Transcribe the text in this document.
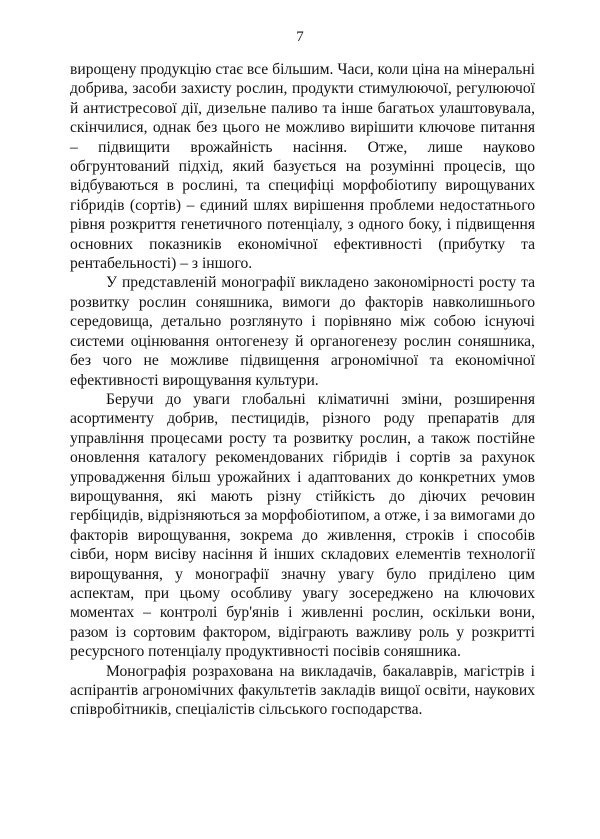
7

вирощену продукцію стає все більшим. Часи, коли ціна на мінеральні добрива, засоби захисту рослин, продукти стимулюючої, регулюючої й антистресової дії, дизельне паливо та інше багатьох улаштовувала, скінчилися, однак без цього не можливо вирішити ключове питання – підвищити врожайність насіння. Отже, лише науково обгрунтований підхід, який базується на розумінні процесів, що відбуваються в рослині, та специфіці морфобіотипу вирощуваних гібридів (сортів) – єдиний шлях вирішення проблеми недостатнього рівня розкриття генетичного потенціалу, з одного боку, і підвищення основних показників економічної ефективності (прибутку та рентабельності) – з іншого.

У представленій монографії викладено закономірності росту та розвитку рослин соняшника, вимоги до факторів навколишнього середовища, детально розглянуто і порівняно між собою існуючі системи оцінювання онтогенезу й органогенезу рослин соняшника, без чого не можливе підвищення агрономічної та економічної ефективності вирощування культури.

Беручи до уваги глобальні кліматичні зміни, розширення асортименту добрив, пестицидів, різного роду препаратів для управління процесами росту та розвитку рослин, а також постійне оновлення каталогу рекомендованих гібридів і сортів за рахунок упровадження більш урожайних і адаптованих до конкретних умов вирощування, які мають різну стійкість до діючих речовин гербіцидів, відрізняються за морфобіотипом, а отже, і за вимогами до факторів вирощування, зокрема до живлення, строків і способів сівби, норм висіву насіння й інших складових елементів технології вирощування, у монографії значну увагу було приділено цим аспектам, при цьому особливу увагу зосереджено на ключових моментах – контролі бур'янів і живленні рослин, оскільки вони, разом із сортовим фактором, відіграють важливу роль у розкритті ресурсного потенціалу продуктивності посівів соняшника.

Монографія розрахована на викладачів, бакалаврів, магістрів і аспірантів агрономічних факультетів закладів вищої освіти, наукових співробітників, спеціалістів сільського господарства.
